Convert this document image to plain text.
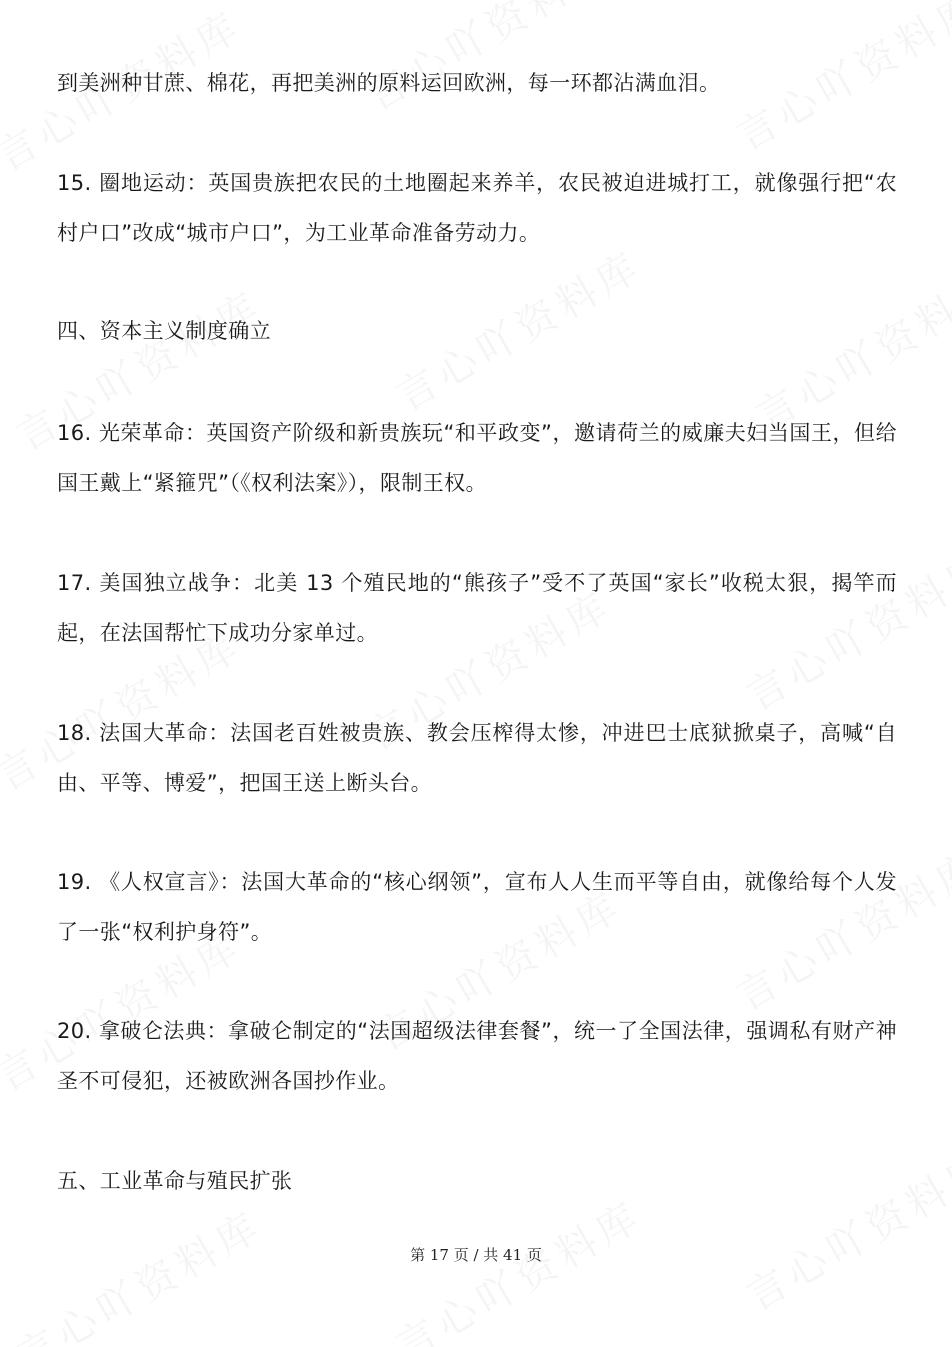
到美洲种甘蔗、棉花，再把美洲的原料运回欧洲，每一环都沾满血泪。

15. 圈地运动：英国贵族把农民的土地圈起来养羊，农民被迫进城打工，就像强行把“农村户口”改成“城市户口”，为工业革命准备劳动力。

四、资本主义制度确立

16. 光荣革命：英国资产阶级和新贵族玩“和平政变”，邀请荷兰的威廉夫妇当国王，但给国王戴上“紧箍咒”（《权利法案》），限制王权。

17. 美国独立战争：北美 13 个殖民地的“熊孩子”受不了英国“家长”收税太狠，揭竿而起，在法国帮忙下成功分家单过。

18. 法国大革命：法国老百姓被贵族、教会压榨得太惨，冲进巴士底狱掀桌子，高喊“自由、平等、博爱”，把国王送上断头台。

19. 《人权宣言》：法国大革命的“核心纲领”，宣布人人生而平等自由，就像给每个人发了一张“权利护身符”。

20. 拿破仑法典：拿破仑制定的“法国超级法律套餐”，统一了全国法律，强调私有财产神圣不可侵犯，还被欧洲各国抄作业。

五、工业革命与殖民扩张

第 17 页 / 共 41 页
